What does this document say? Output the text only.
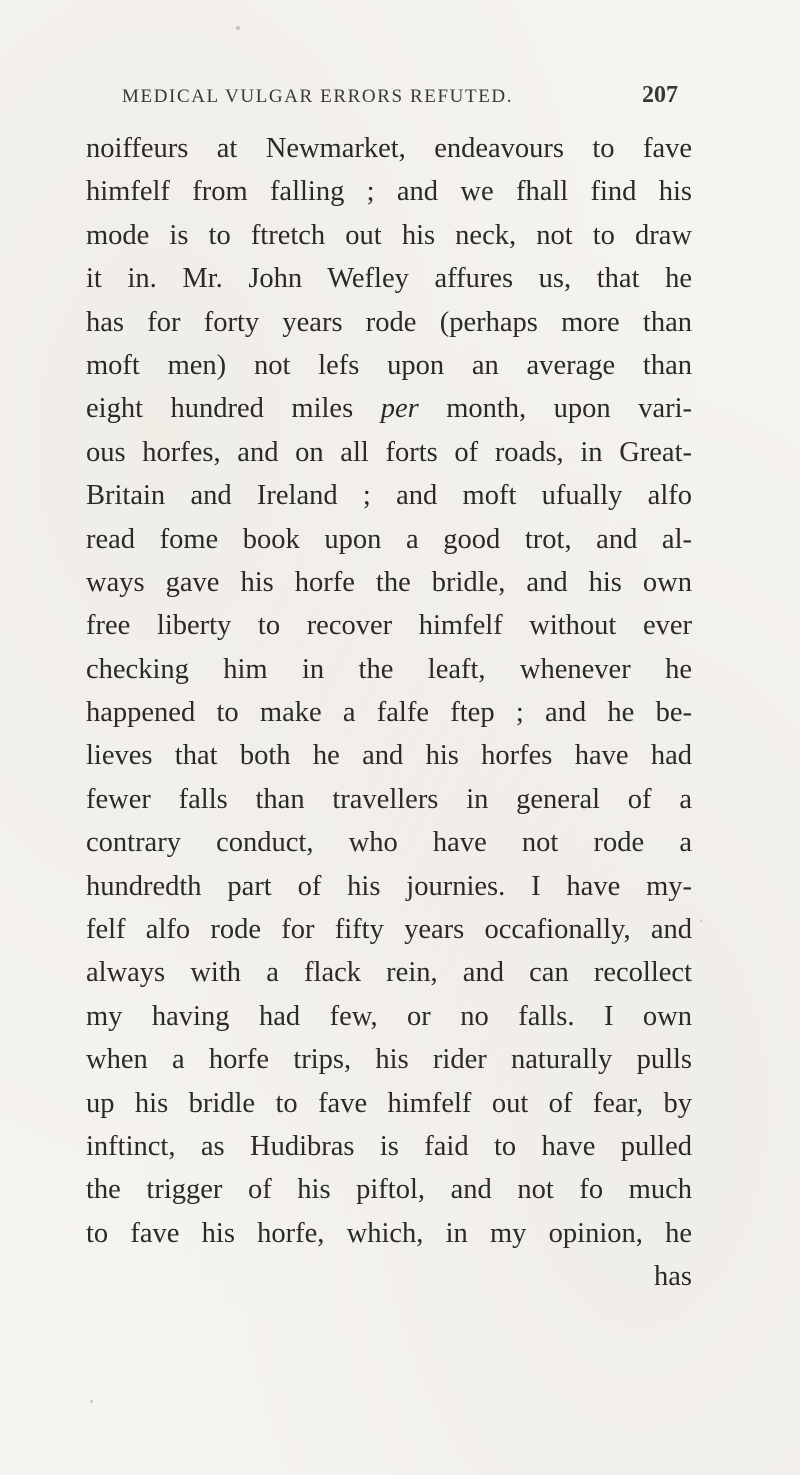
MEDICAL VULGAR ERRORS REFUTED.	207
noiffeurs at Newmarket, endeavours to fave
himfelf from falling ; and we fhall find his
mode is to ftretch out his neck, not to draw
it in. Mr. John Wefley affures us, that he
has for forty years rode (perhaps more than
moft men) not lefs upon an average than
eight hundred miles per month, upon vari-
ous horfes, and on all forts of roads, in Great-
Britain and Ireland ; and moft ufually alfo
read fome book upon a good trot, and al-
ways gave his horfe the bridle, and his own
free liberty to recover himfelf without ever
checking him in the leaft, whenever he
happened to make a falfe ftep ; and he be-
lieves that both he and his horfes have had
fewer falls than travellers in general of a
contrary conduct, who have not rode a
hundredth part of his journies. I have my-
felf alfo rode for fifty years occafionally, and
always with a flack rein, and can recollect
my having had few, or no falls. I own
when a horfe trips, his rider naturally pulls
up his bridle to fave himfelf out of fear, by
inftinct, as Hudibras is faid to have pulled
the trigger of his piftol, and not fo much
to fave his horfe, which, in my opinion, he
has
